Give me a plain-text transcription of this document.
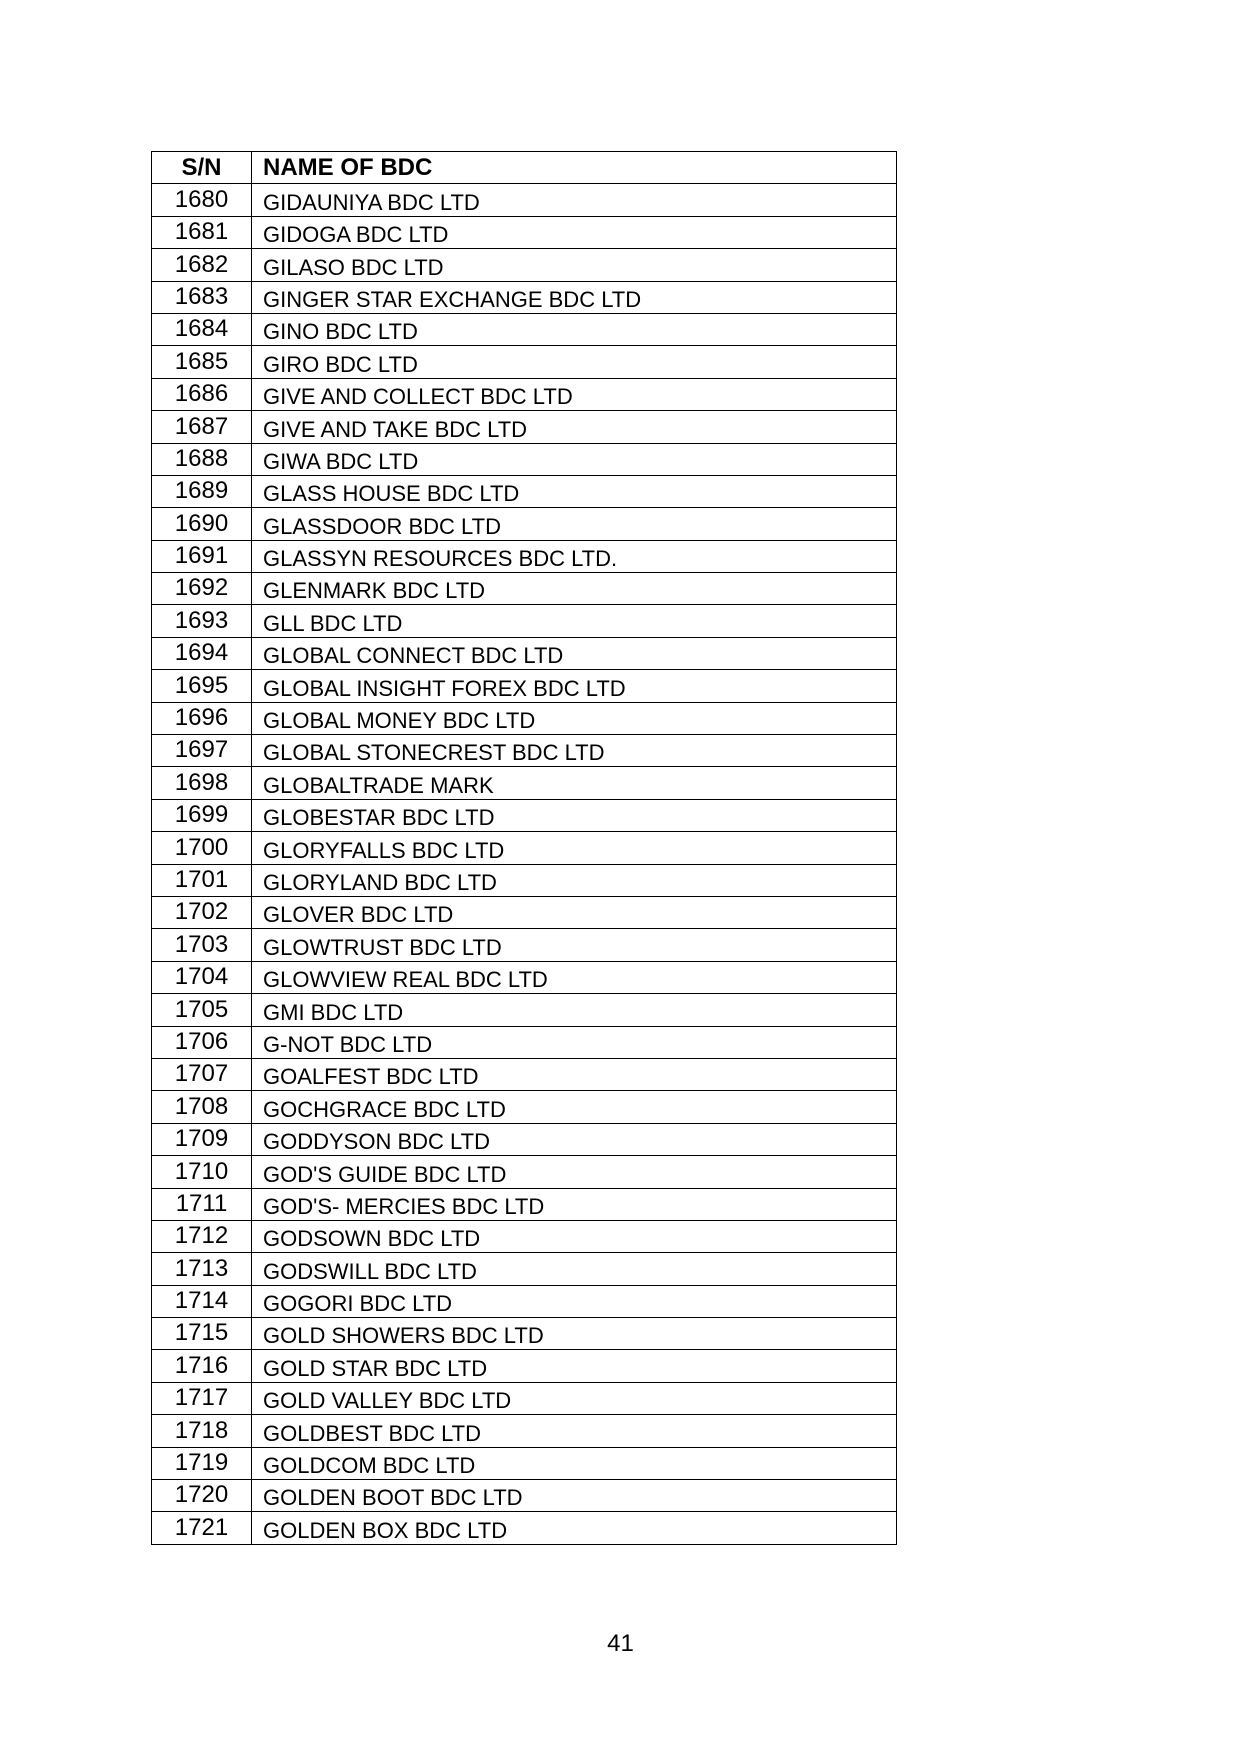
S/N	NAME OF BDC
1680	GIDAUNIYA BDC LTD
1681	GIDOGA BDC LTD
1682	GILASO BDC LTD
1683	GINGER STAR EXCHANGE BDC LTD
1684	GINO BDC LTD
1685	GIRO BDC LTD
1686	GIVE AND COLLECT BDC LTD
1687	GIVE AND TAKE BDC LTD
1688	GIWA BDC LTD
1689	GLASS HOUSE BDC LTD
1690	GLASSDOOR BDC LTD
1691	GLASSYN RESOURCES BDC LTD.
1692	GLENMARK BDC LTD
1693	GLL BDC LTD
1694	GLOBAL CONNECT BDC LTD
1695	GLOBAL INSIGHT FOREX BDC LTD
1696	GLOBAL MONEY BDC LTD
1697	GLOBAL STONECREST BDC LTD
1698	GLOBALTRADE MARK
1699	GLOBESTAR BDC LTD
1700	GLORYFALLS BDC LTD
1701	GLORYLAND BDC LTD
1702	GLOVER BDC LTD
1703	GLOWTRUST BDC LTD
1704	GLOWVIEW REAL BDC LTD
1705	GMI BDC LTD
1706	G-NOT BDC LTD
1707	GOALFEST BDC LTD
1708	GOCHGRACE BDC LTD
1709	GODDYSON BDC LTD
1710	GOD'S GUIDE BDC LTD
1711	GOD'S- MERCIES BDC LTD
1712	GODSOWN BDC LTD
1713	GODSWILL BDC LTD
1714	GOGORI BDC LTD
1715	GOLD SHOWERS BDC LTD
1716	GOLD STAR BDC LTD
1717	GOLD VALLEY BDC LTD
1718	GOLDBEST BDC LTD
1719	GOLDCOM BDC LTD
1720	GOLDEN BOOT BDC LTD
1721	GOLDEN BOX BDC LTD
41
